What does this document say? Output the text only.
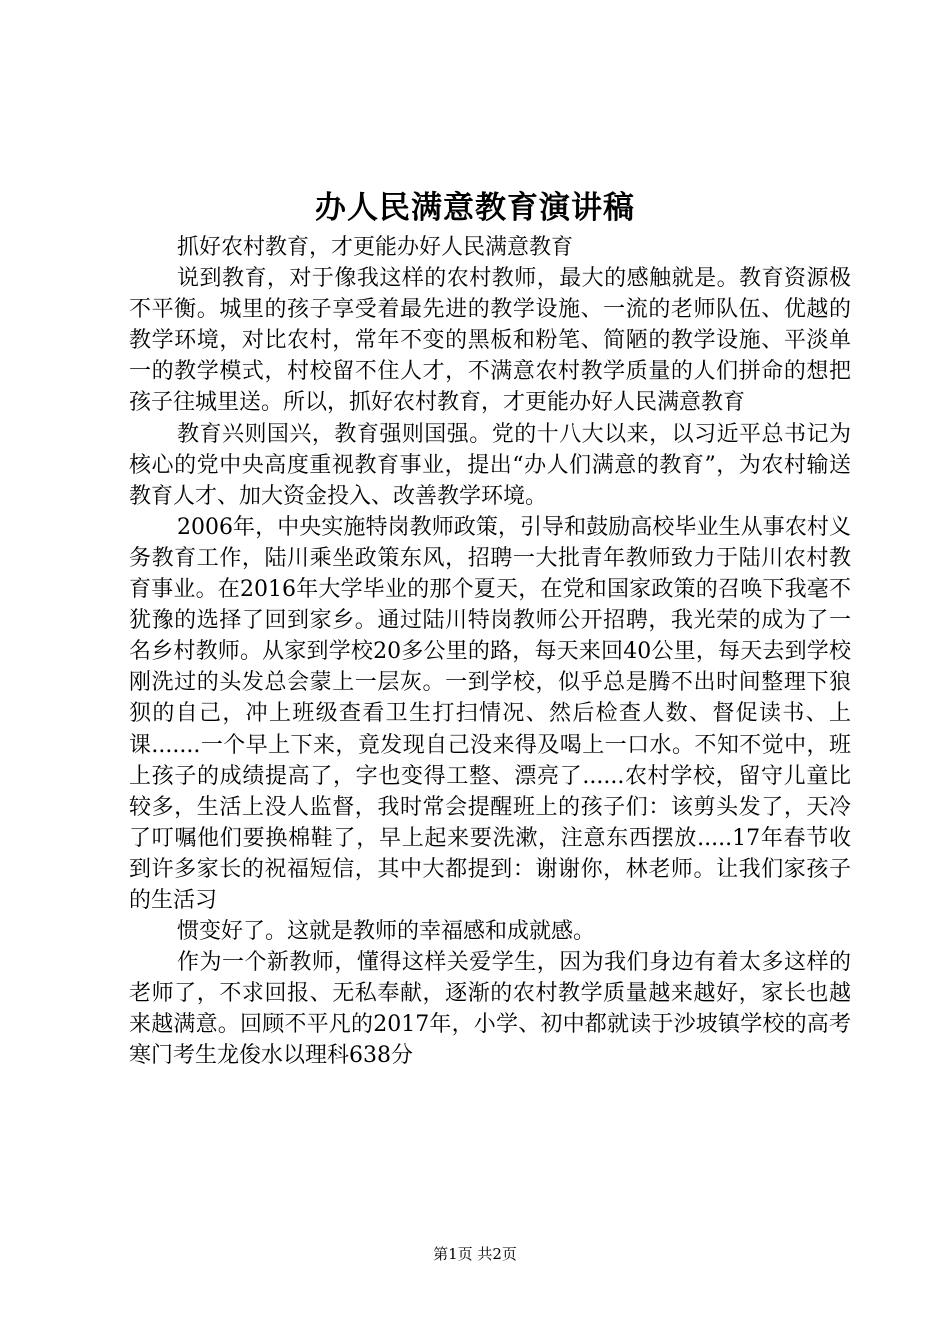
办人民满意教育演讲稿

抓好农村教育，才更能办好人民满意教育

说到教育，对于像我这样的农村教师，最大的感触就是。教育资源极不平衡。城里的孩子享受着最先进的教学设施、一流的老师队伍、优越的教学环境，对比农村，常年不变的黑板和粉笔、简陋的教学设施、平淡单一的教学模式，村校留不住人才，不满意农村教学质量的人们拼命的想把孩子往城里送。所以，抓好农村教育，才更能办好人民满意教育

教育兴则国兴，教育强则国强。党的十八大以来，以习近平总书记为核心的党中央高度重视教育事业，提出“办人们满意的教育”，为农村输送教育人才、加大资金投入、改善教学环境。

2006年，中央实施特岗教师政策，引导和鼓励高校毕业生从事农村义务教育工作，陆川乘坐政策东风，招聘一大批青年教师致力于陆川农村教育事业。在2016年大学毕业的那个夏天，在党和国家政策的召唤下我毫不犹豫的选择了回到家乡。通过陆川特岗教师公开招聘，我光荣的成为了一名乡村教师。从家到学校20多公里的路，每天来回40公里，每天去到学校刚洗过的头发总会蒙上一层灰。一到学校，似乎总是腾不出时间整理下狼狈的自己，冲上班级查看卫生打扫情况、然后检查人数、督促读书、上课.......一个早上下来，竟发现自己没来得及喝上一口水。不知不觉中，班上孩子的成绩提高了，字也变得工整、漂亮了......农村学校，留守儿童比较多，生活上没人监督，我时常会提醒班上的孩子们：该剪头发了，天冷了叮嘱他们要换棉鞋了，早上起来要洗漱，注意东西摆放.....17年春节收到许多家长的祝福短信，其中大都提到：谢谢你，林老师。让我们家孩子的生活习

惯变好了。这就是教师的幸福感和成就感。

作为一个新教师，懂得这样关爱学生，因为我们身边有着太多这样的老师了，不求回报、无私奉献，逐渐的农村教学质量越来越好，家长也越来越满意。回顾不平凡的2017年，小学、初中都就读于沙坡镇学校的高考寒门考生龙俊水以理科638分

第1页 共2页
